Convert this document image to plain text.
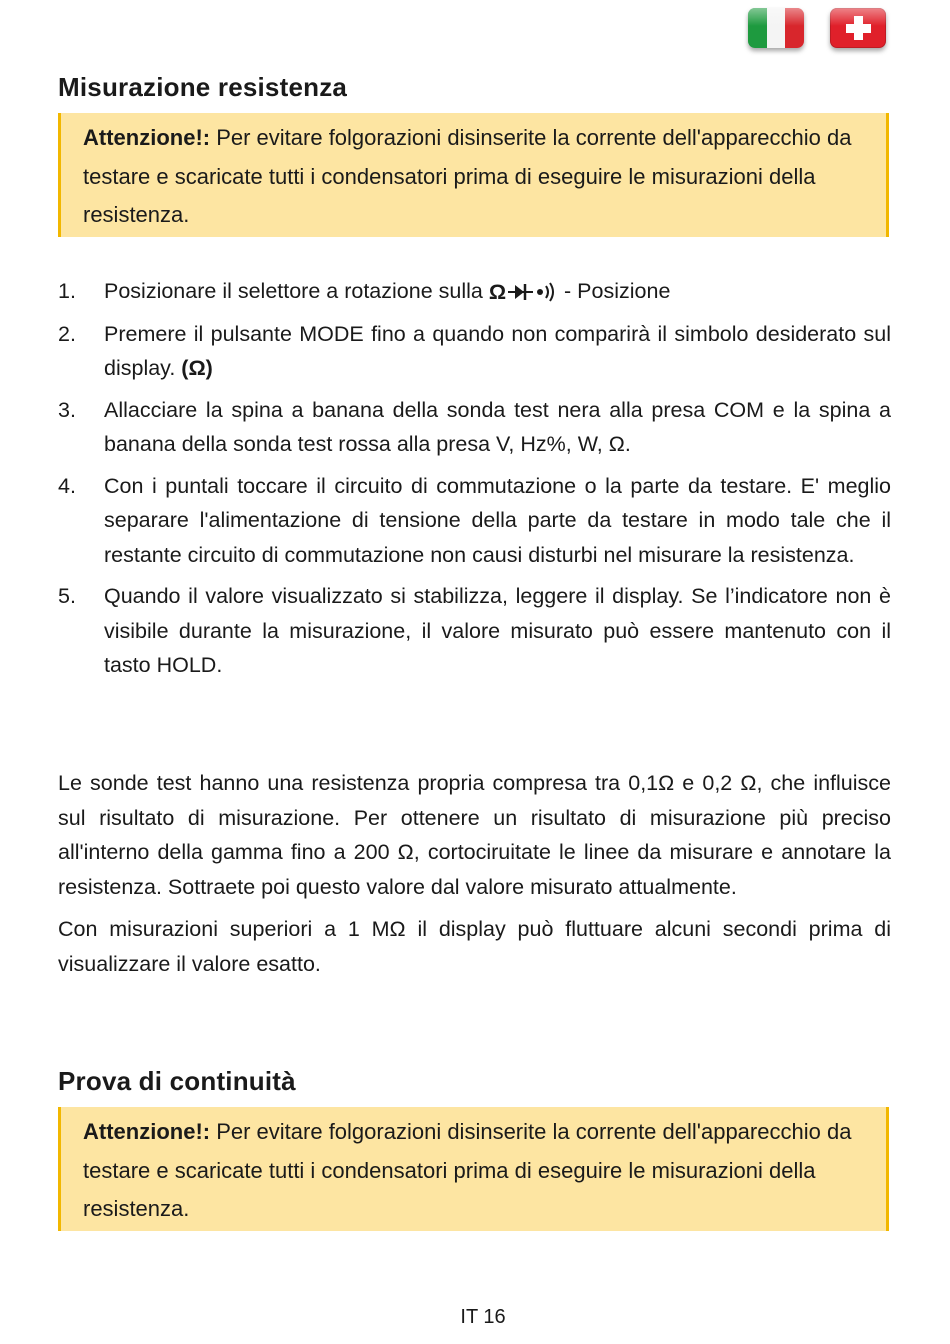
Misurazione resistenza
Attenzione!: Per evitare folgorazioni disinserite la corrente dell'apparecchio da testare e scaricate tutti i condensatori prima di eseguire le misurazioni della resistenza.
1.	Posizionare il selettore a rotazione sulla Ω - Posizione
2.	Premere il pulsante MODE fino a quando non comparirà il simbolo desiderato sul display. (Ω)
3.	Allacciare la spina a banana della sonda test nera alla presa COM e la spina a banana della sonda test rossa alla presa V, Hz%, W, Ω.
4.	Con i puntali toccare il circuito di commutazione o la parte da testare. E' meglio separare l'alimentazione di tensione della parte da testare in modo tale che il restante circuito di commutazione non causi disturbi nel misurare la resistenza.
5.	Quando il valore visualizzato si stabilizza, leggere il display. Se l’indicatore non è visibile durante la misurazione, il valore misurato può essere mantenuto con il tasto HOLD.

Le sonde test hanno una resistenza propria compresa tra 0,1Ω e 0,2 Ω, che influisce sul risultato di misurazione. Per ottenere un risultato di misurazione più preciso all'interno della gamma fino a 200 Ω, cortociruitate le linee da misurare e annotare la resistenza. Sottraete poi questo valore dal valore misurato attualmente.

Con misurazioni superiori a 1 MΩ il display può fluttuare alcuni secondi prima di visualizzare il valore esatto.

Prova di continuità
Attenzione!: Per evitare folgorazioni disinserite la corrente dell'apparecchio da testare e scaricate tutti i condensatori prima di eseguire le misurazioni della resistenza.
IT 16
